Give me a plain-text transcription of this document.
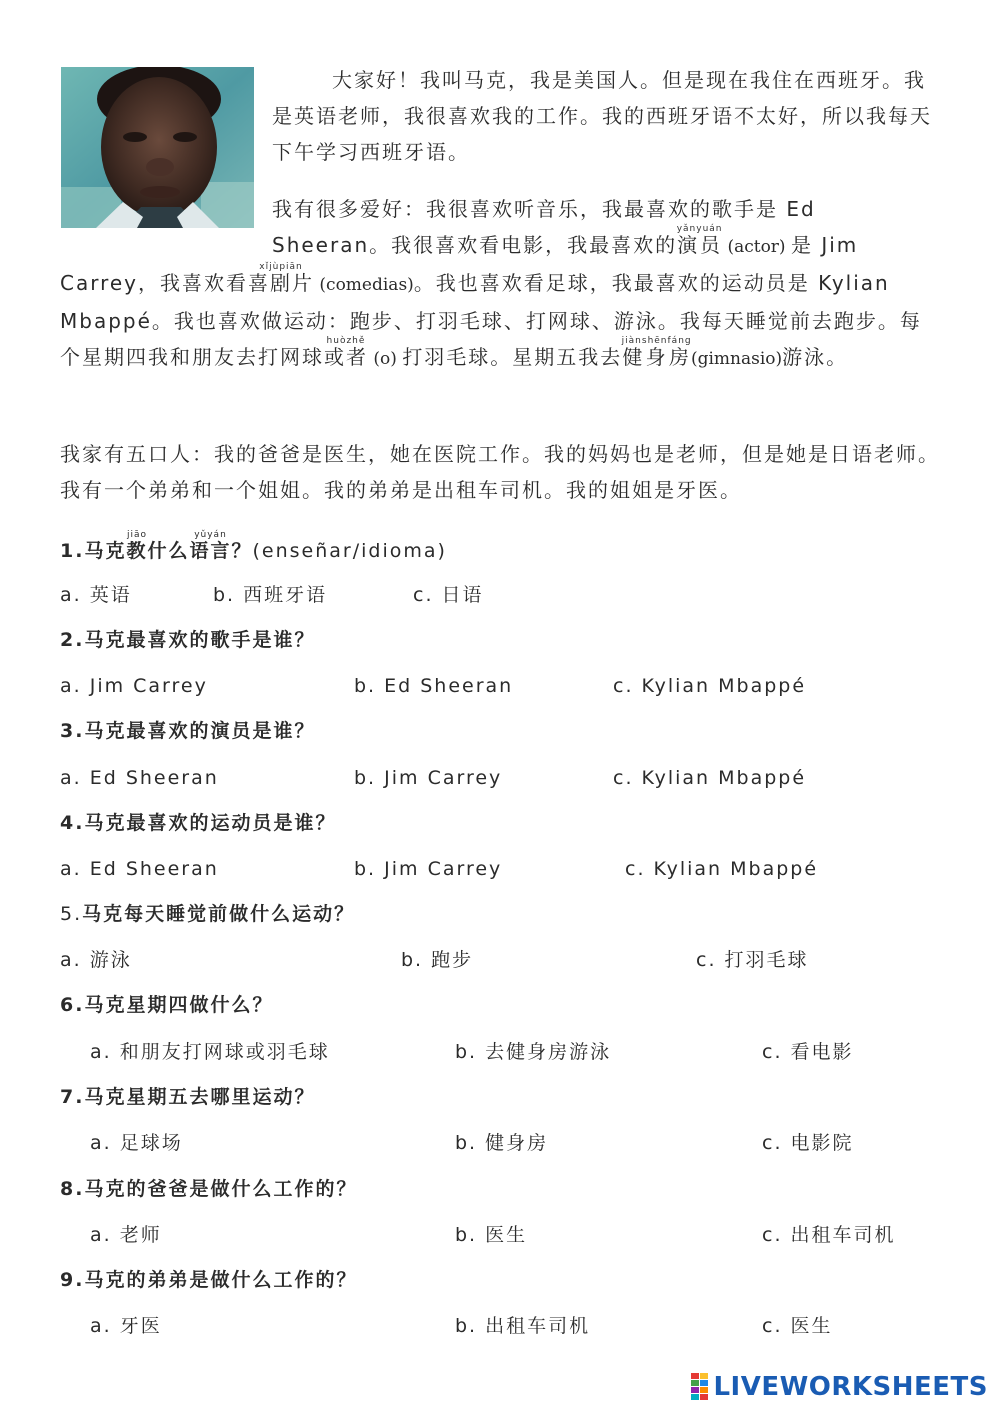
大家好！我叫马克，我是美国人。但是现在我住在西班牙。我是英语老师，我很喜欢我的工作。我的西班牙语不太好，所以我每天下午学习西班牙语。

我有很多爱好：我很喜欢听音乐，我最喜欢的歌手是 Ed Sheeran。我很喜欢看电影，我最喜欢的演员yǎnyuán (actor) 是 Jim Carrey，我喜欢看喜剧片xǐjùpiān (comedias)。我也喜欢看足球，我最喜欢的运动员是 Kylian Mbappé。我也喜欢做运动：跑步、打羽毛球、打网球、游泳。我每天睡觉前去跑步。每个星期四我和朋友去打网球或者huòzhě (o) 打羽毛球。星期五我去健身房jiànshēnfáng(gimnasio)游泳。

我家有五口人：我的爸爸是医生，她在医院工作。我的妈妈也是老师，但是她是日语老师。我有一个弟弟和一个姐姐。我的弟弟是出租车司机。我的姐姐是牙医。

1.马克教jiāo什么语言yǔyán？(enseñar/idioma)
a. 英语	b. 西班牙语	c. 日语
2.马克最喜欢的歌手是谁？
a. Jim Carrey	b. Ed Sheeran	c. Kylian Mbappé
3.马克最喜欢的演员是谁？
a. Ed Sheeran	b. Jim Carrey	c. Kylian Mbappé
4.马克最喜欢的运动员是谁？
a. Ed Sheeran	b. Jim Carrey	c. Kylian Mbappé
5.马克每天睡觉前做什么运动？
a. 游泳	b. 跑步	c. 打羽毛球
6.马克星期四做什么？
a. 和朋友打网球或羽毛球	b. 去健身房游泳	c. 看电影
7.马克星期五去哪里运动？
a. 足球场	b. 健身房	c. 电影院
8.马克的爸爸是做什么工作的？
a. 老师	b. 医生	c. 出租车司机
9.马克的弟弟是做什么工作的？
a. 牙医	b. 出租车司机	c. 医生
LIVEWORKSHEETS
